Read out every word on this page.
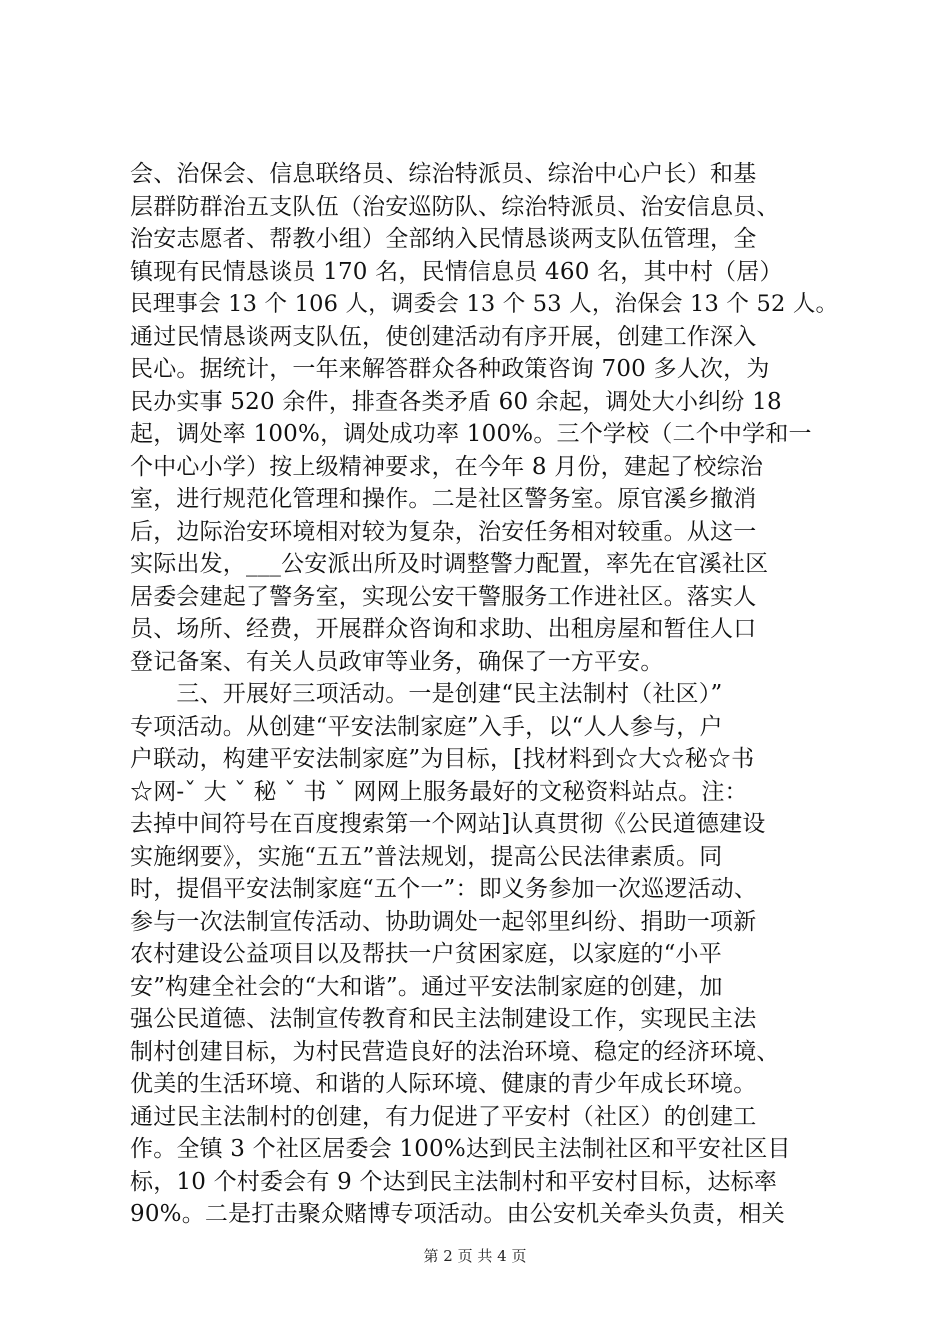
会、治保会、信息联络员、综治特派员、综治中心户长）和基
层群防群治五支队伍（治安巡防队、综治特派员、治安信息员、
治安志愿者、帮教小组）全部纳入民情恳谈两支队伍管理，全
镇现有民情恳谈员 170 名，民情信息员 460 名，其中村（居）
民理事会 13 个 106 人，调委会 13 个 53 人，治保会 13 个 52 人。
通过民情恳谈两支队伍，使创建活动有序开展，创建工作深入
民心。据统计，一年来解答群众各种政策咨询 700 多人次，为
民办实事 520 余件，排查各类矛盾 60 余起，调处大小纠纷 18
起，调处率 100%，调处成功率 100%。三个学校（二个中学和一
个中心小学）按上级精神要求，在今年 8 月份，建起了校综治
室，进行规范化管理和操作。二是社区警务室。原官溪乡撤消
后，边际治安环境相对较为复杂，治安任务相对较重。从这一
实际出发，___公安派出所及时调整警力配置，率先在官溪社区
居委会建起了警务室，实现公安干警服务工作进社区。落实人
员、场所、经费，开展群众咨询和求助、出租房屋和暂住人口
登记备案、有关人员政审等业务，确保了一方平安。
　　三、开展好三项活动。一是创建“民主法制村（社区）”
专项活动。从创建“平安法制家庭”入手，以“人人参与，户
户联动，构建平安法制家庭”为目标，[找材料到☆大☆秘☆书
☆网-ˇ 大 ˇ 秘 ˇ 书 ˇ 网网上服务最好的文秘资料站点。注：
去掉中间符号在百度搜索第一个网站]认真贯彻《公民道德建设
实施纲要》，实施“五五”普法规划，提高公民法律素质。同
时，提倡平安法制家庭“五个一”：即义务参加一次巡逻活动、
参与一次法制宣传活动、协助调处一起邻里纠纷、捐助一项新
农村建设公益项目以及帮扶一户贫困家庭，以家庭的“小平
安”构建全社会的“大和谐”。通过平安法制家庭的创建，加
强公民道德、法制宣传教育和民主法制建设工作，实现民主法
制村创建目标，为村民营造良好的法治环境、稳定的经济环境、
优美的生活环境、和谐的人际环境、健康的青少年成长环境。
通过民主法制村的创建，有力促进了平安村（社区）的创建工
作。全镇 3 个社区居委会 100%达到民主法制社区和平安社区目
标，10 个村委会有 9 个达到民主法制村和平安村目标，达标率
90%。二是打击聚众赌博专项活动。由公安机关牵头负责，相关
第 2 页 共 4 页
